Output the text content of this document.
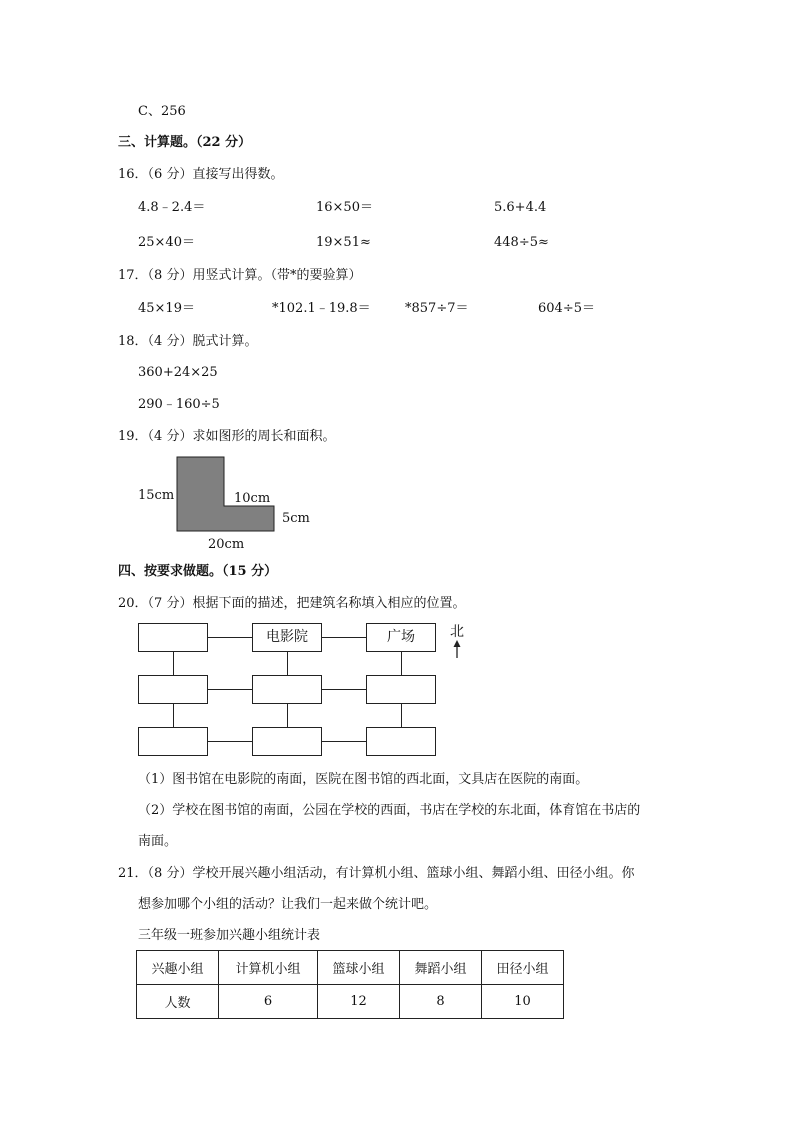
C、256
三、计算题。（22 分）
16．（6 分）直接写出得数。
4.8﹣2.4＝	16×50＝	5.6+4.4
25×40＝	19×51≈	448÷5≈
17．（8 分）用竖式计算。（带*的要验算）
45×19＝	*102.1﹣19.8＝	*857÷7＝	604÷5＝
18．（4 分）脱式计算。
360+24×25
290﹣160÷5
19．（4 分）求如图形的周长和面积。
15cm	10cm
5cm
20cm
四、按要求做题。（15 分）
20．（7 分）根据下面的描述，把建筑名称填入相应的位置。
电影院	广场	北
（1）图书馆在电影院的南面，医院在图书馆的西北面，文具店在医院的南面。
（2）学校在图书馆的南面，公园在学校的西面，书店在学校的东北面，体育馆在书店的
南面。
21．（8 分）学校开展兴趣小组活动，有计算机小组、篮球小组、舞蹈小组、田径小组。你
想参加哪个小组的活动？让我们一起来做个统计吧。
三年级一班参加兴趣小组统计表
兴趣小组	计算机小组	篮球小组	舞蹈小组	田径小组
人数	6	12	8	10
